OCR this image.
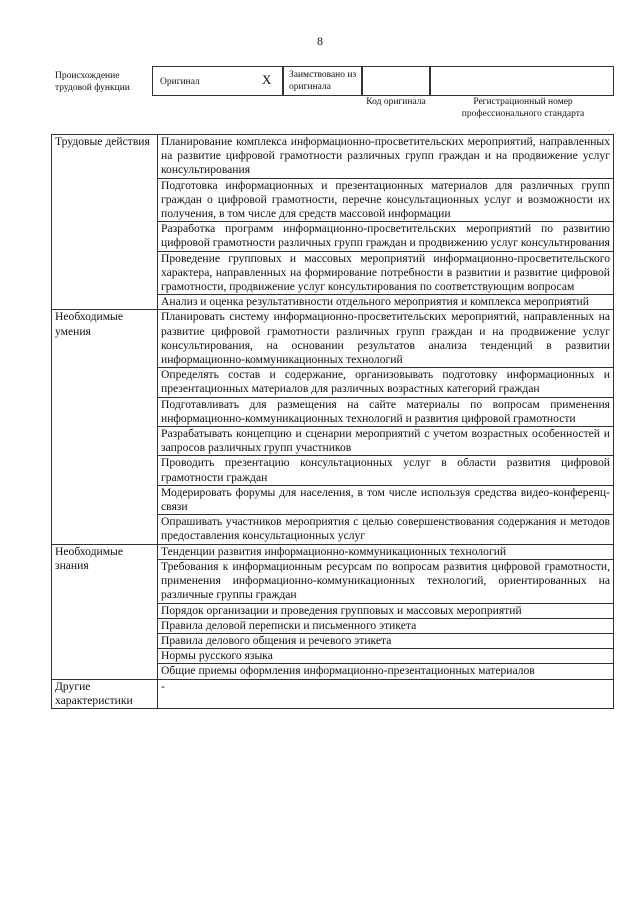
8
Происхождение трудовой функции
Оригинал	X Заимствовано из оригинала
Код оригинала	Регистрационный номер профессионального стандарта
Трудовые действия	Планирование комплекса информационно-просветительских мероприятий, направленных на развитие цифровой грамотности различных групп граждан и на продвижение услуг консультирования
	Подготовка информационных и презентационных материалов для различных групп граждан о цифровой грамотности, перечне консультационных услуг и возможности их получения, в том числе для средств массовой информации
	Разработка программ информационно-просветительских мероприятий по развитию цифровой грамотности различных групп граждан и продвижению услуг консультирования
	Проведение групповых и массовых мероприятий информационно-просветительского характера, направленных на формирование потребности в развитии и развитие цифровой грамотности, продвижение услуг консультирования по соответствующим вопросам
	Анализ и оценка результативности отдельного мероприятия и комплекса мероприятий
Необходимые умения	Планировать систему информационно-просветительских мероприятий, направленных на развитие цифровой грамотности различных групп граждан и на продвижение услуг консультирования, на основании результатов анализа тенденций в развитии информационно-коммуникационных технологий
	Определять состав и содержание, организовывать подготовку информационных и презентационных материалов для различных возрастных категорий граждан
	Подготавливать для размещения на сайте материалы по вопросам применения информационно-коммуникационных технологий и развития цифровой грамотности
	Разрабатывать концепцию и сценарии мероприятий с учетом возрастных особенностей и запросов различных групп участников
	Проводить презентацию консультационных услуг в области развития цифровой грамотности граждан
	Модерировать форумы для населения, в том числе используя средства видео-конференц-связи
	Опрашивать участников мероприятия с целью совершенствования содержания и методов предоставления консультационных услуг
Необходимые знания	Тенденции развития информационно-коммуникационных технологий
	Требования к информационным ресурсам по вопросам развития цифровой грамотности, применения информационно-коммуникационных технологий, ориентированных на различные группы граждан
	Порядок организации и проведения групповых и массовых мероприятий
	Правила деловой переписки и письменного этикета
	Правила делового общения и речевого этикета
	Нормы русского языка
	Общие приемы оформления информационно-презентационных материалов
Другие характеристики	-
